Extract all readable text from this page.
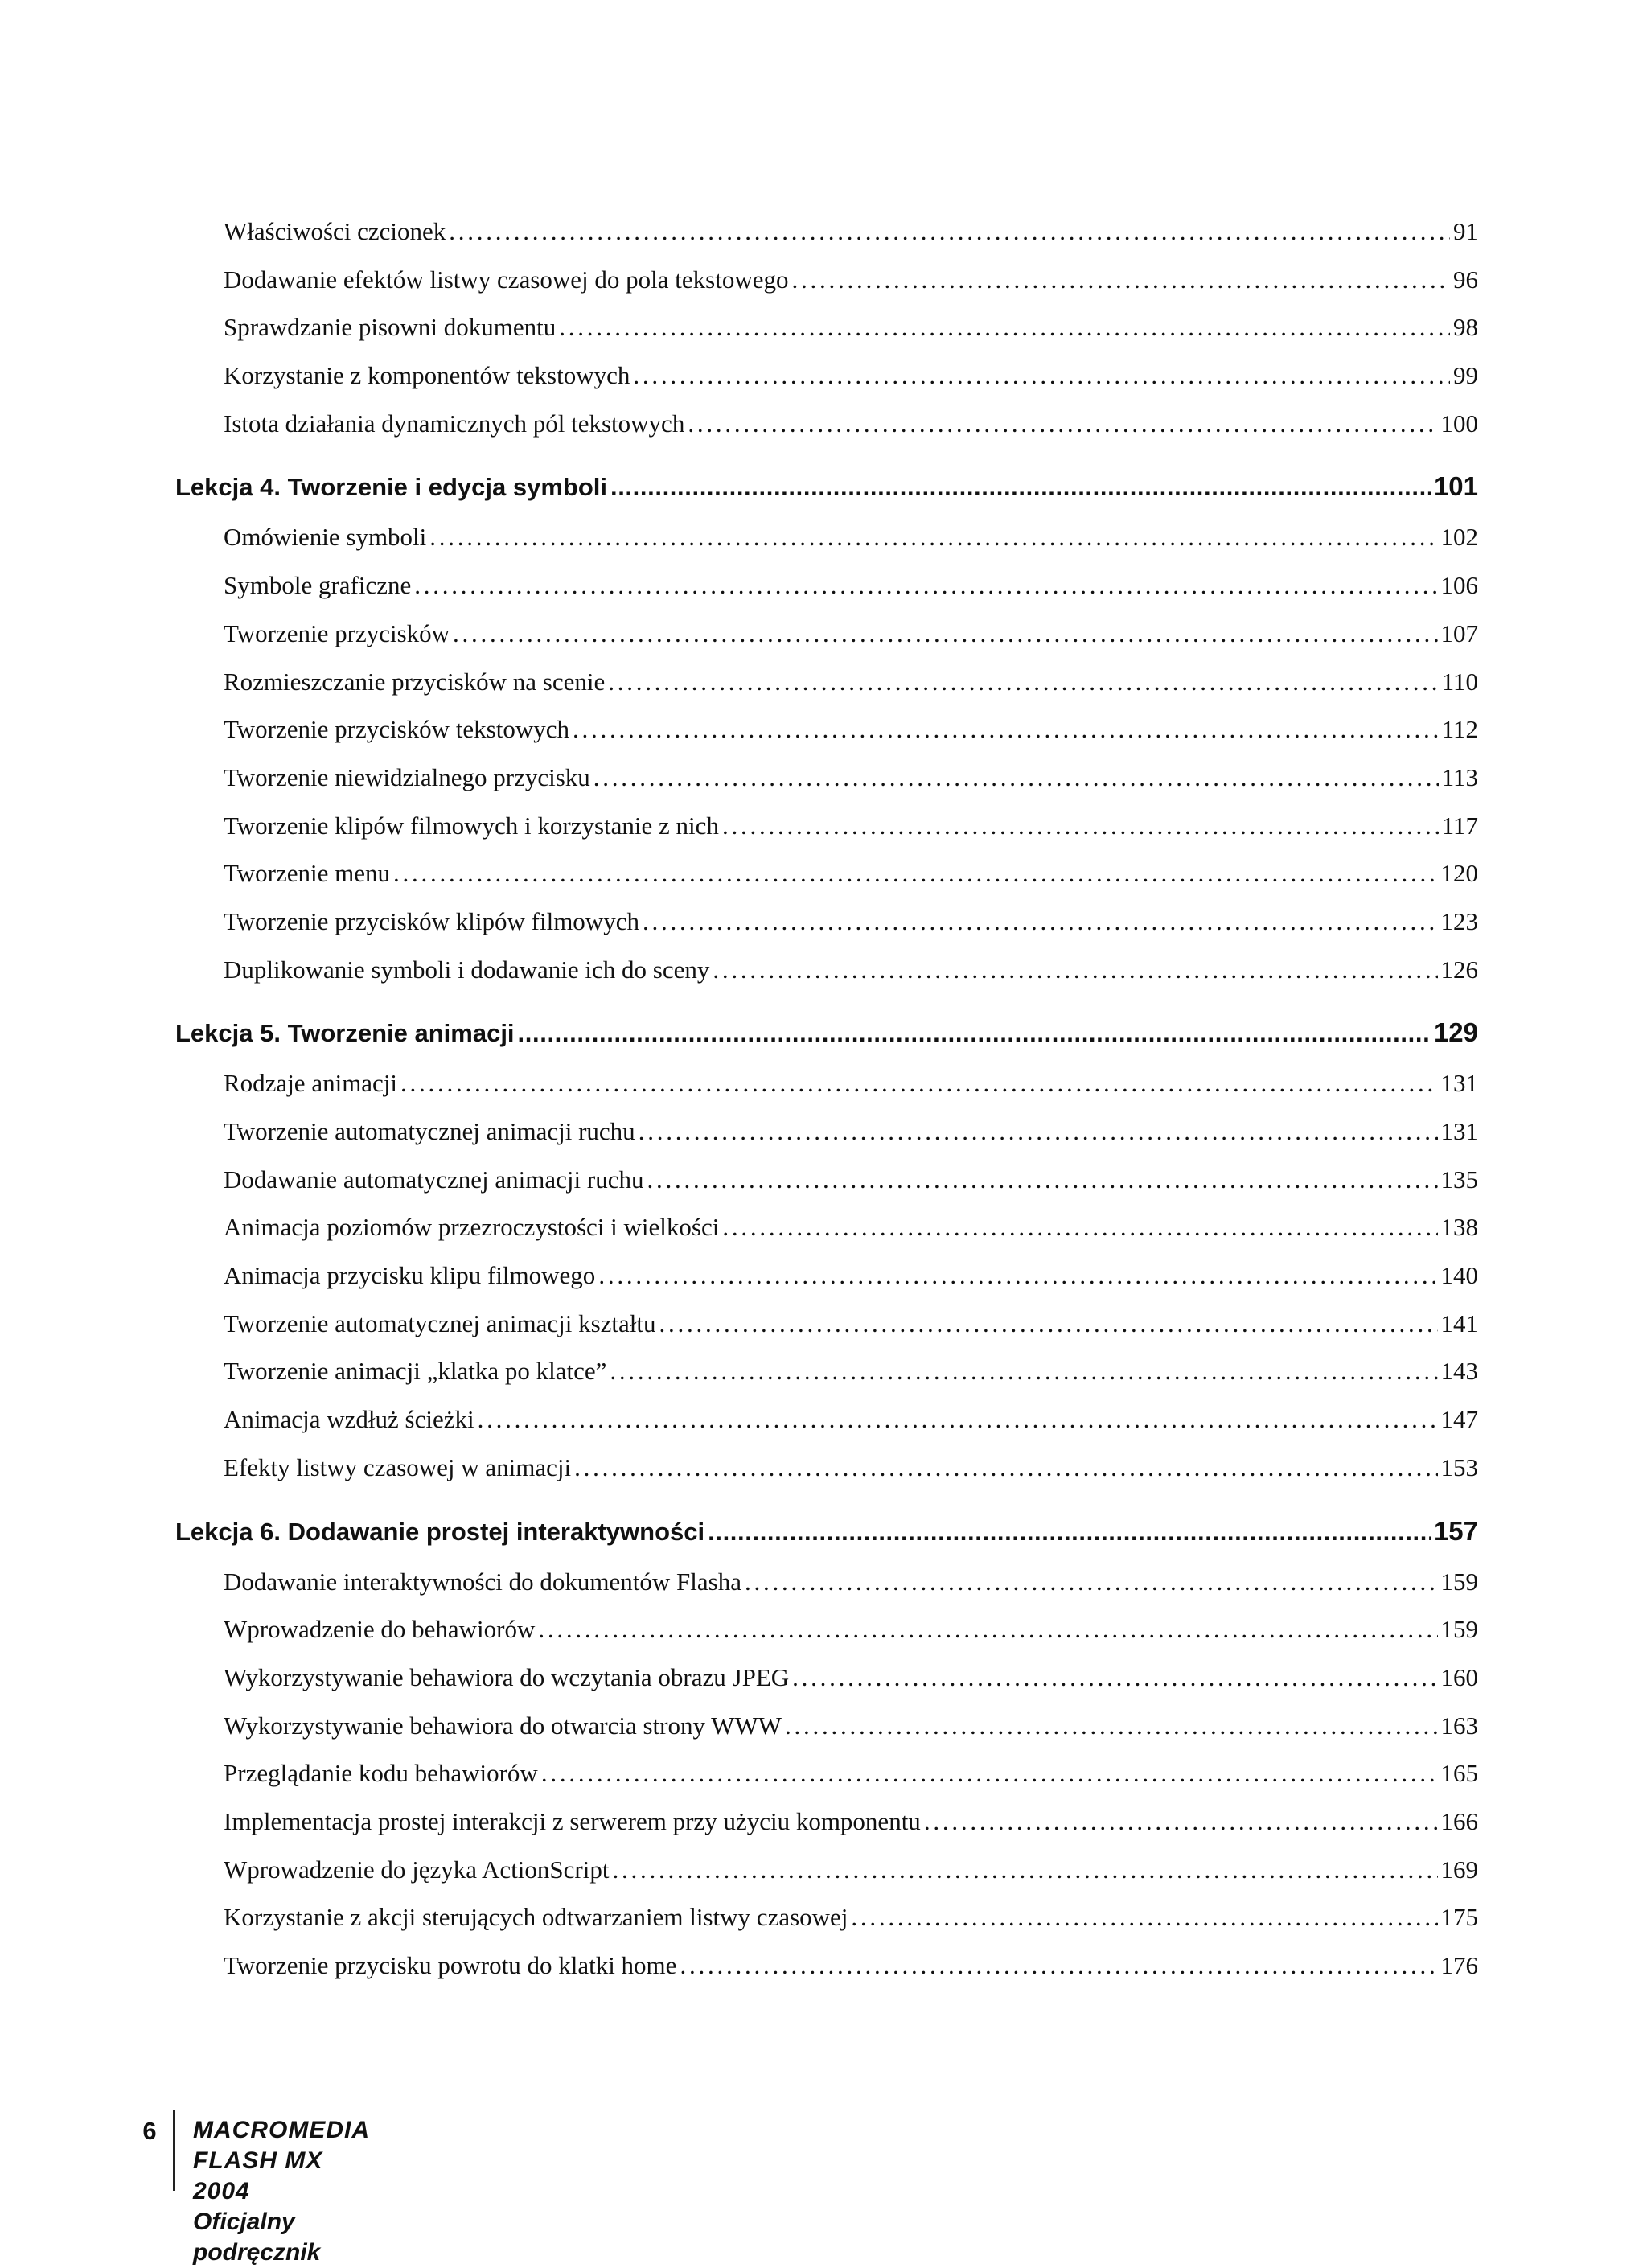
Właściwości czcionek . . .	91
Dodawanie efektów listwy czasowej do pola tekstowego . . .	96
Sprawdzanie pisowni dokumentu . . .	98
Korzystanie z komponentów tekstowych . . .	99
Istota działania dynamicznych pól tekstowych . . .	100
Lekcja 4. Tworzenie i edycja symboli . . .	101
Omówienie symboli . . .	102
Symbole graficzne . . .	106
Tworzenie przycisków . . .	107
Rozmieszczanie przycisków na scenie . . .	110
Tworzenie przycisków tekstowych . . .	112
Tworzenie niewidzialnego przycisku . . .	113
Tworzenie klipów filmowych i korzystanie z nich . . .	117
Tworzenie menu . . .	120
Tworzenie przycisków klipów filmowych . . .	123
Duplikowanie symboli i dodawanie ich do sceny . . .	126
Lekcja 5. Tworzenie animacji . . .	129
Rodzaje animacji . . .	131
Tworzenie automatycznej animacji ruchu . . .	131
Dodawanie automatycznej animacji ruchu . . .	135
Animacja poziomów przezroczystości i wielkości . . .	138
Animacja przycisku klipu filmowego . . .	140
Tworzenie automatycznej animacji kształtu . . .	141
Tworzenie animacji „klatka po klatce” . . .	143
Animacja wzdłuż ścieżki . . .	147
Efekty listwy czasowej w animacji . . .	153
Lekcja 6. Dodawanie prostej interaktywności . . .	157
Dodawanie interaktywności do dokumentów Flasha . . .	159
Wprowadzenie do behawiorów . . .	159
Wykorzystywanie behawiora do wczytania obrazu JPEG . . .	160
Wykorzystywanie behawiora do otwarcia strony WWW . . .	163
Przeglądanie kodu behawiorów . . .	165
Implementacja prostej interakcji z serwerem przy użyciu komponentu . . .	166
Wprowadzenie do języka ActionScript . . .	169
Korzystanie z akcji sterujących odtwarzaniem listwy czasowej . . .	175
Tworzenie przycisku powrotu do klatki home . . .	176
6 MACROMEDIA FLASH MX 2004
Oficjalny podręcznik
